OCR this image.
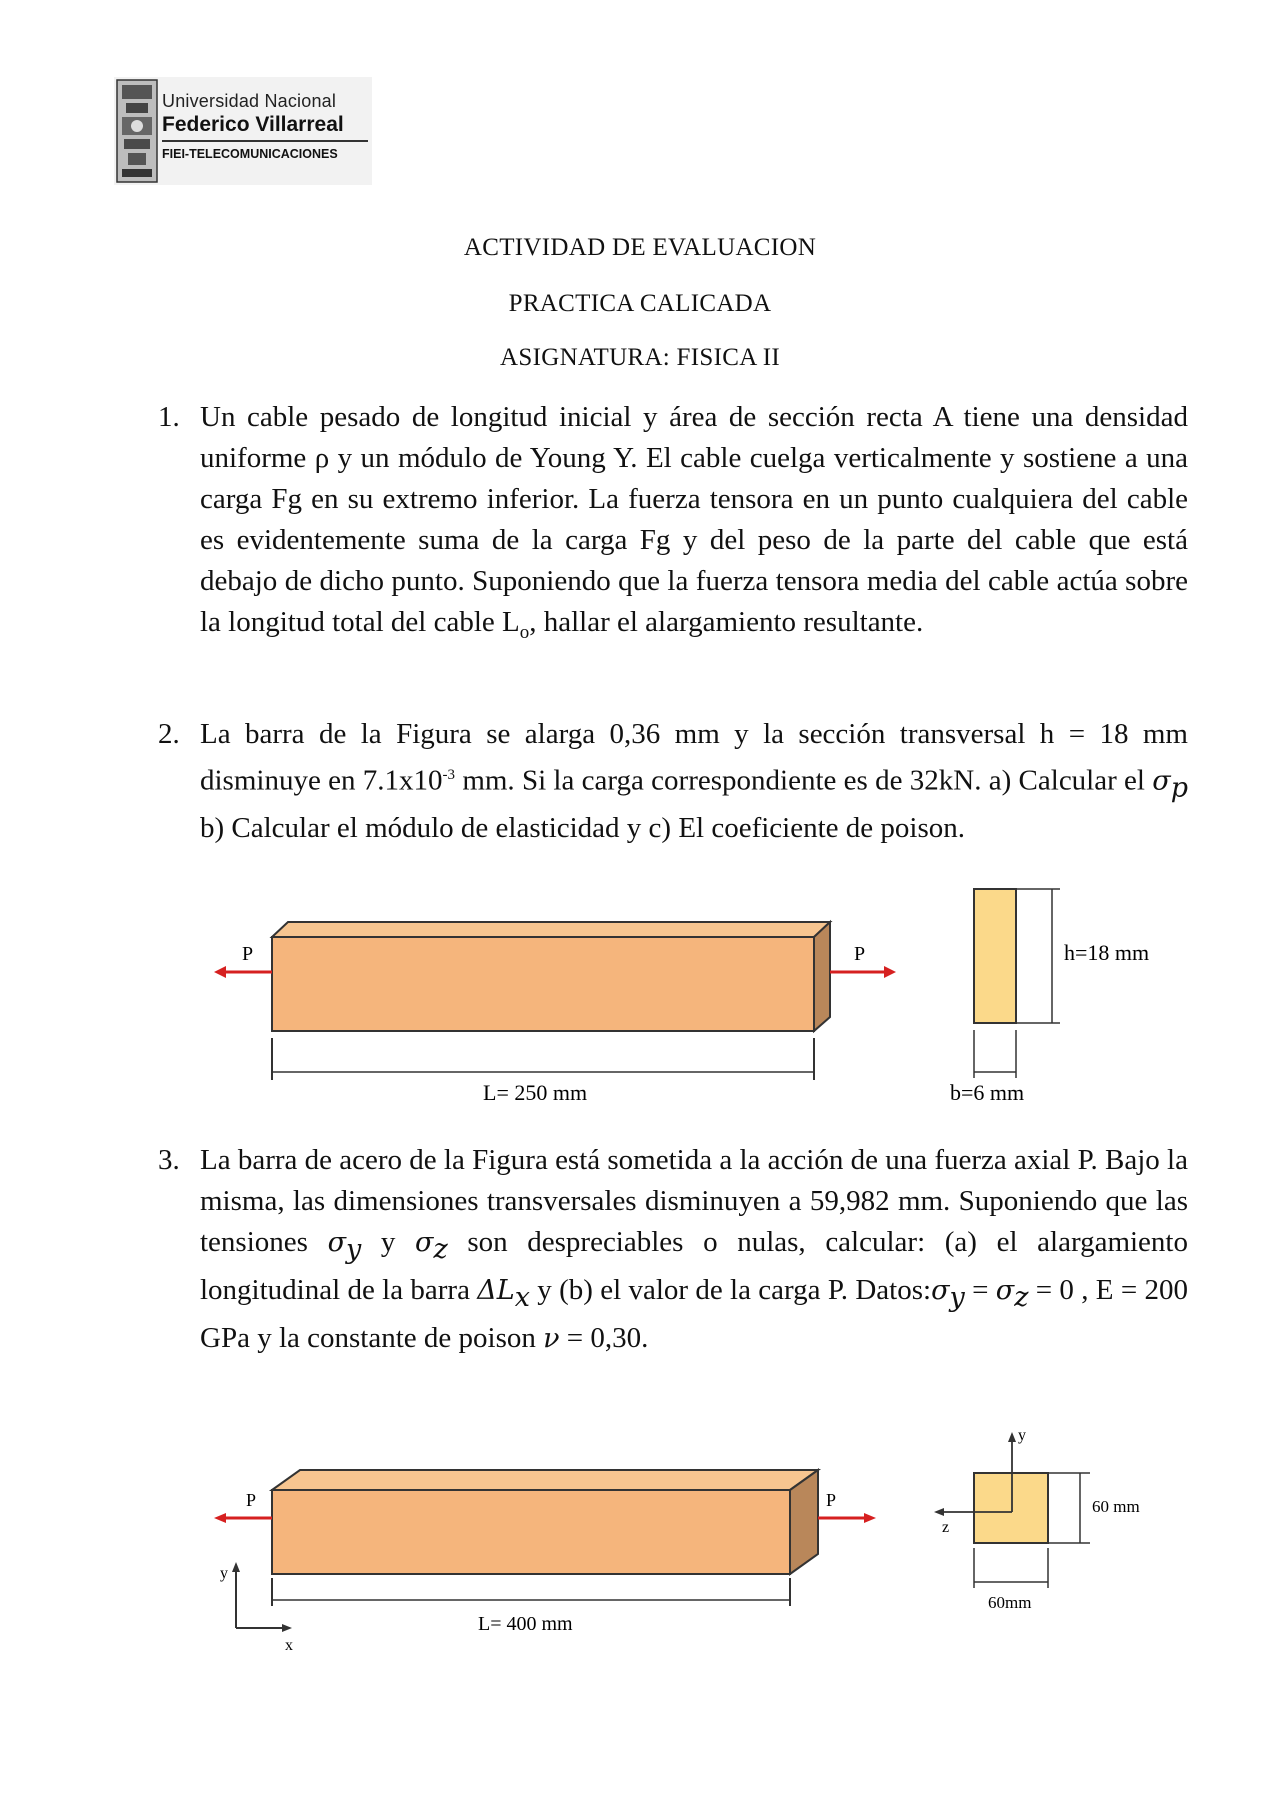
Universidad Nacional
Federico Villarreal
FIEI-TELECOMUNICACIONES
ACTIVIDAD DE EVALUACION
PRACTICA CALICADA
ASIGNATURA: FISICA II
1. Un cable pesado de longitud inicial y área de sección recta A tiene una densidad uniforme ρ y un módulo de Young Y. El cable cuelga verticalmente y sostiene a una carga Fg en su extremo inferior. La fuerza tensora en un punto cualquiera del cable es evidentemente suma de la carga Fg y del peso de la parte del cable que está debajo de dicho punto. Suponiendo que la fuerza tensora media del cable actúa sobre la longitud total del cable $L_o$, hallar el alargamiento resultante.
2. La barra de la Figura se alarga 0,36 mm y la sección transversal h = 18 mm disminuye en $7.1x10^{-3}$ mm. Si la carga correspondiente es de 32kN. a) Calcular el $\sigma_p$ b) Calcular el módulo de elasticidad y c) El coeficiente de poison.
P	P
L= 250 mm
h=18 mm
b=6 mm
3. La barra de acero de la Figura está sometida a la acción de una fuerza axial P. Bajo la misma, las dimensiones transversales disminuyen a 59,982 mm. Suponiendo que las tensiones $\sigma_y$ y $\sigma_z$ son despreciables o nulas, calcular: (a) el alargamiento longitudinal de la barra $\Delta L_x$ y (b) el valor de la carga P. $Datos:\sigma_y = \sigma_z = 0$ , E = 200 GPa y la constante de poison ν = 0,30.
P	P
L= 400 mm
y
x
y
z
60 mm
60mm
